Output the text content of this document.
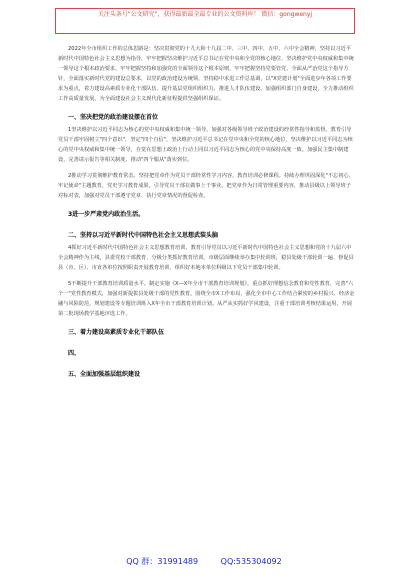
关注头条号"公文研究"，获得最新最全最专业的公文资料库！ 微信：gongwenyj

2022年全市组织工作的总体思路是：坚决贯彻党的十九大和十九届二中、三中、四中、五中、六中全会精神，坚持以习近平新时代中国特色社会主义思想为指导，牢牢把握坚决维护习近平总书记在党中央和全党的核心地位、坚决维护党中央权威和集中统一领导这个根本政治要求，牢牢把握坚持和加强党的全面领导这个根本原则，牢牢把握坚持党要管党、全面从严治党这个指导方针，全面落实新时代党的建设总要求，以党的政治建设为统领，坚持稳中求进工作总基调，以"X党建计划"全面进步年各项工作要求为重点，着力建设高素质专业化干部队伍、提升基层党组织组织力、推进人才队伍建设、加强组织部门自身建设，全力推动组织工作高质量发展，为全面建设社会主义现代化新征程提供坚强组织保证。

一、坚决把党的政治建设摆在首位

1坚决维护以习近平同志为核心的党中央权威和集中统一领导。加强对各级领导班子政治建设的经常性指导和监督。教育引导党员干部牢固树立"四个意识"，坚定"四个自信"，坚决维护习近平总书记在党中央和全党的核心地位，坚决维护以习近平同志为核心的党中央权威和集中统一领导，自觉在思想上政治上行动上同以习近平同志为核心的党中央保持高度一致。加强民主集中制建设，完善请示报告等相关制度，推动"四个服从"落实到位。

2推动学习贯彻维护教育常态。坚持把党章作为党员干部经常性学习内容，教育培训必修课程。持续办理巩固深化"不忘初心、牢记使命"主题教育，党史学习教育成果，引导党员干部在做事上干事业。把党章作为日常管理重要内容，推动县级以上领导班子对标对表，加强对党员干部遵守党章、执行党章情况的督促检查。

3进一步严肃党内政治生活。
二、坚持以习近平新时代中国特色社会主义思想武装头脑

4抓好习近平新时代中国特色社会主义思想教育培训。教育引导党员以习近平新时代中国特色社会主义思想和党的十九届六中全会精神作为主线，县委党校干部教育、分级分类抓好教育培训。市级层面继续举办集中轮训班，稳县处级干部轮训一遍、督促县县（市、区）、市直各单位按照职责开展教育培训，组织好本地本单位科级以下党员干部集中轮训。

5不断提升干部教育培训质量水平。制定实施《X—X年全市干部教育培训规划》。重点抓好理想信念教育和党性教育，完善"六个一"党性教育模式，加强对新提拔县处级干部的党性教育。围绕全市X工作布局，强化全市中心工作结合紧密的乡村振兴、经济金融与风险防范、规划建设等专题培训班入X年全市干部教育培训计划。从严从实抓好学风建设，注重干部培训考核结果运用，开展第二批现场教学基地评选工作。

三、着力建设高素质专业化干部队伍
四、
五、全面加强基层组织建设
QQ 群：31991489	QQ:535304092
